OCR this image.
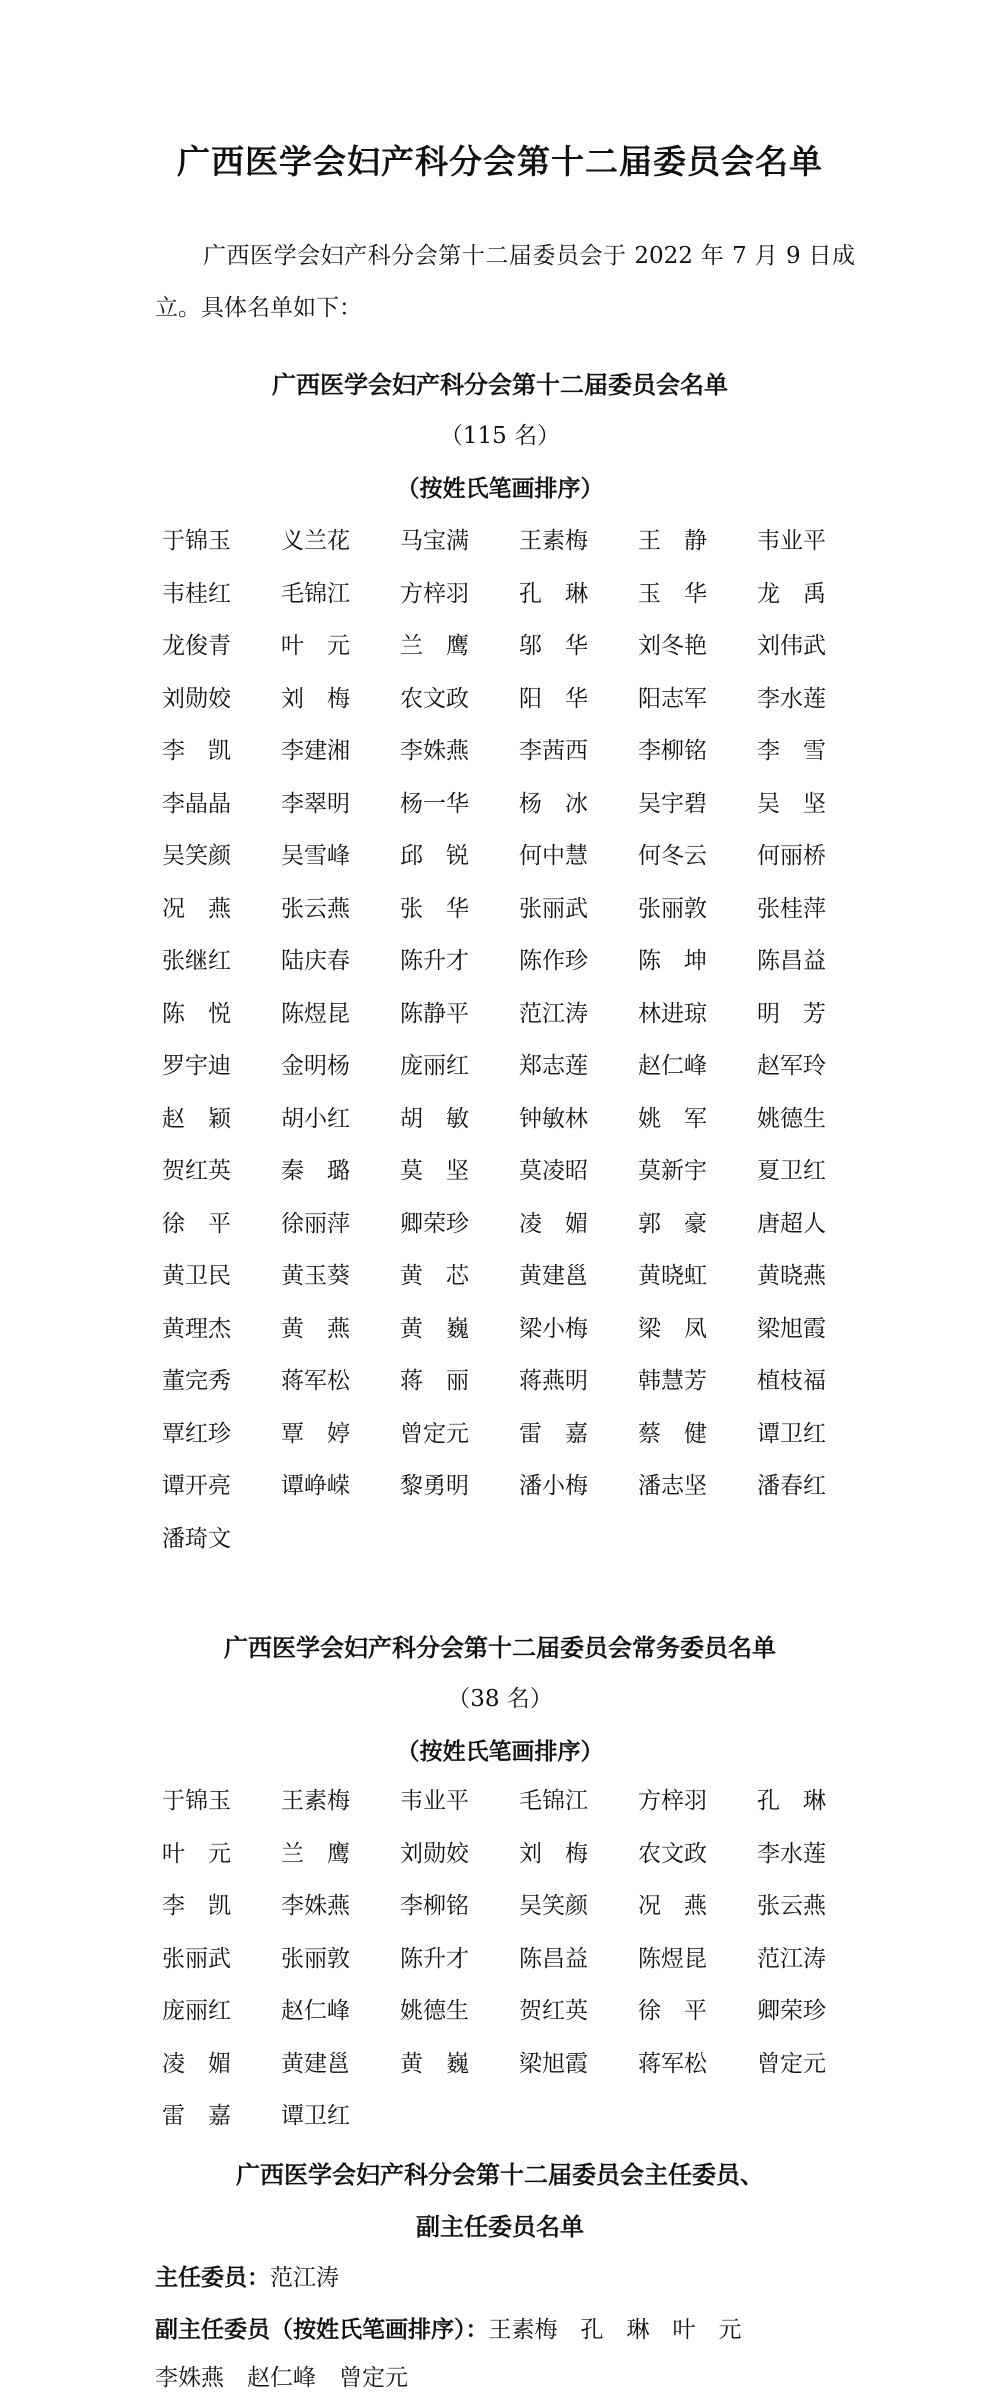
广西医学会妇产科分会第十二届委员会名单

广西医学会妇产科分会第十二届委员会于 2022 年 7 月 9 日成立。具体名单如下：

广西医学会妇产科分会第十二届委员会名单
（115 名）
（按姓氏笔画排序）
于锦玉	义兰花	马宝满	王素梅	王　静	韦业平
韦桂红	毛锦江	方梓羽	孔　琳	玉　华	龙　禹
龙俊青	叶　元	兰　鹰	邬　华	刘冬艳	刘伟武
刘勋姣	刘　梅	农文政	阳　华	阳志军	李水莲
李　凯	李建湘	李姝燕	李茜西	李柳铭	李　雪
李晶晶	李翠明	杨一华	杨　冰	吴宇碧	吴　坚
吴笑颜	吴雪峰	邱　锐	何中慧	何冬云	何丽桥
况　燕	张云燕	张　华	张丽武	张丽敦	张桂萍
张继红	陆庆春	陈升才	陈作珍	陈　坤	陈昌益
陈　悦	陈煜昆	陈静平	范江涛	林进琼	明　芳
罗宇迪	金明杨	庞丽红	郑志莲	赵仁峰	赵军玲
赵　颖	胡小红	胡　敏	钟敏林	姚　军	姚德生
贺红英	秦　璐	莫　坚	莫凌昭	莫新宇	夏卫红
徐　平	徐丽萍	卿荣珍	凌　媚	郭　豪	唐超人
黄卫民	黄玉葵	黄　芯	黄建邕	黄晓虹	黄晓燕
黄理杰	黄　燕	黄　巍	梁小梅	梁　凤	梁旭霞
董完秀	蒋军松	蒋　丽	蒋燕明	韩慧芳	植枝福
覃红珍	覃　婷	曾定元	雷　嘉	蔡　健	谭卫红
谭开亮	谭峥嵘	黎勇明	潘小梅	潘志坚	潘春红
潘琦文
广西医学会妇产科分会第十二届委员会常务委员名单
（38 名）
（按姓氏笔画排序）
于锦玉	王素梅	韦业平	毛锦江	方梓羽	孔　琳
叶　元	兰　鹰	刘勋姣	刘　梅	农文政	李水莲
李　凯	李姝燕	李柳铭	吴笑颜	况　燕	张云燕
张丽武	张丽敦	陈升才	陈昌益	陈煜昆	范江涛
庞丽红	赵仁峰	姚德生	贺红英	徐　平	卿荣珍
凌　媚	黄建邕	黄　巍	梁旭霞	蒋军松	曾定元
雷　嘉	谭卫红
广西医学会妇产科分会第十二届委员会主任委员、
副主任委员名单

主任委员：范江涛

副主任委员（按姓氏笔画排序）：王素梅　孔　琳　叶　元

李姝燕　赵仁峰　曾定元
